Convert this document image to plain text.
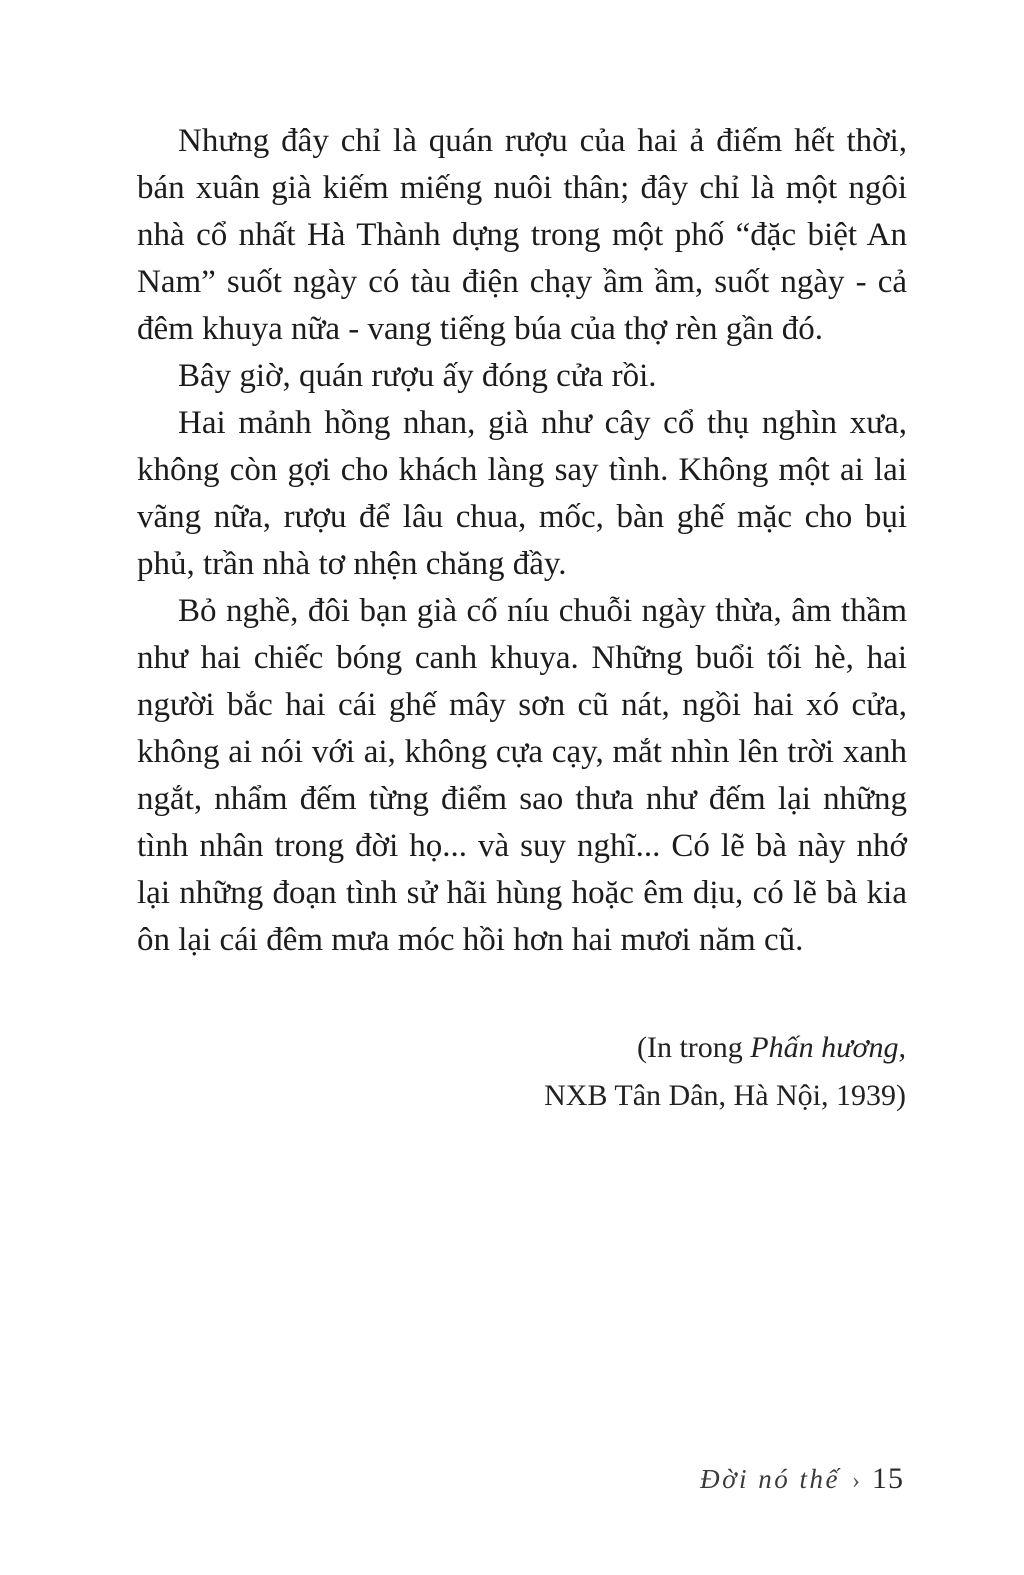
Nhưng đây chỉ là quán rượu của hai ả điếm hết thời, bán xuân già kiếm miếng nuôi thân; đây chỉ là một ngôi nhà cổ nhất Hà Thành dựng trong một phố “đặc biệt An Nam” suốt ngày có tàu điện chạy ầm ầm, suốt ngày - cả đêm khuya nữa - vang tiếng búa của thợ rèn gần đó.

Bây giờ, quán rượu ấy đóng cửa rồi.

Hai mảnh hồng nhan, già như cây cổ thụ nghìn xưa, không còn gợi cho khách làng say tình. Không một ai lai vãng nữa, rượu để lâu chua, mốc, bàn ghế mặc cho bụi phủ, trần nhà tơ nhện chăng đầy.

Bỏ nghề, đôi bạn già cố níu chuỗi ngày thừa, âm thầm như hai chiếc bóng canh khuya. Những buổi tối hè, hai người bắc hai cái ghế mây sơn cũ nát, ngồi hai xó cửa, không ai nói với ai, không cựa cạy, mắt nhìn lên trời xanh ngắt, nhẩm đếm từng điểm sao thưa như đếm lại những tình nhân trong đời họ... và suy nghĩ... Có lẽ bà này nhớ lại những đoạn tình sử hãi hùng hoặc êm dịu, có lẽ bà kia ôn lại cái đêm mưa móc hồi hơn hai mươi năm cũ.

(In trong Phấn hương,

NXB Tân Dân, Hà Nội, 1939)

Đời nó thế › 15
